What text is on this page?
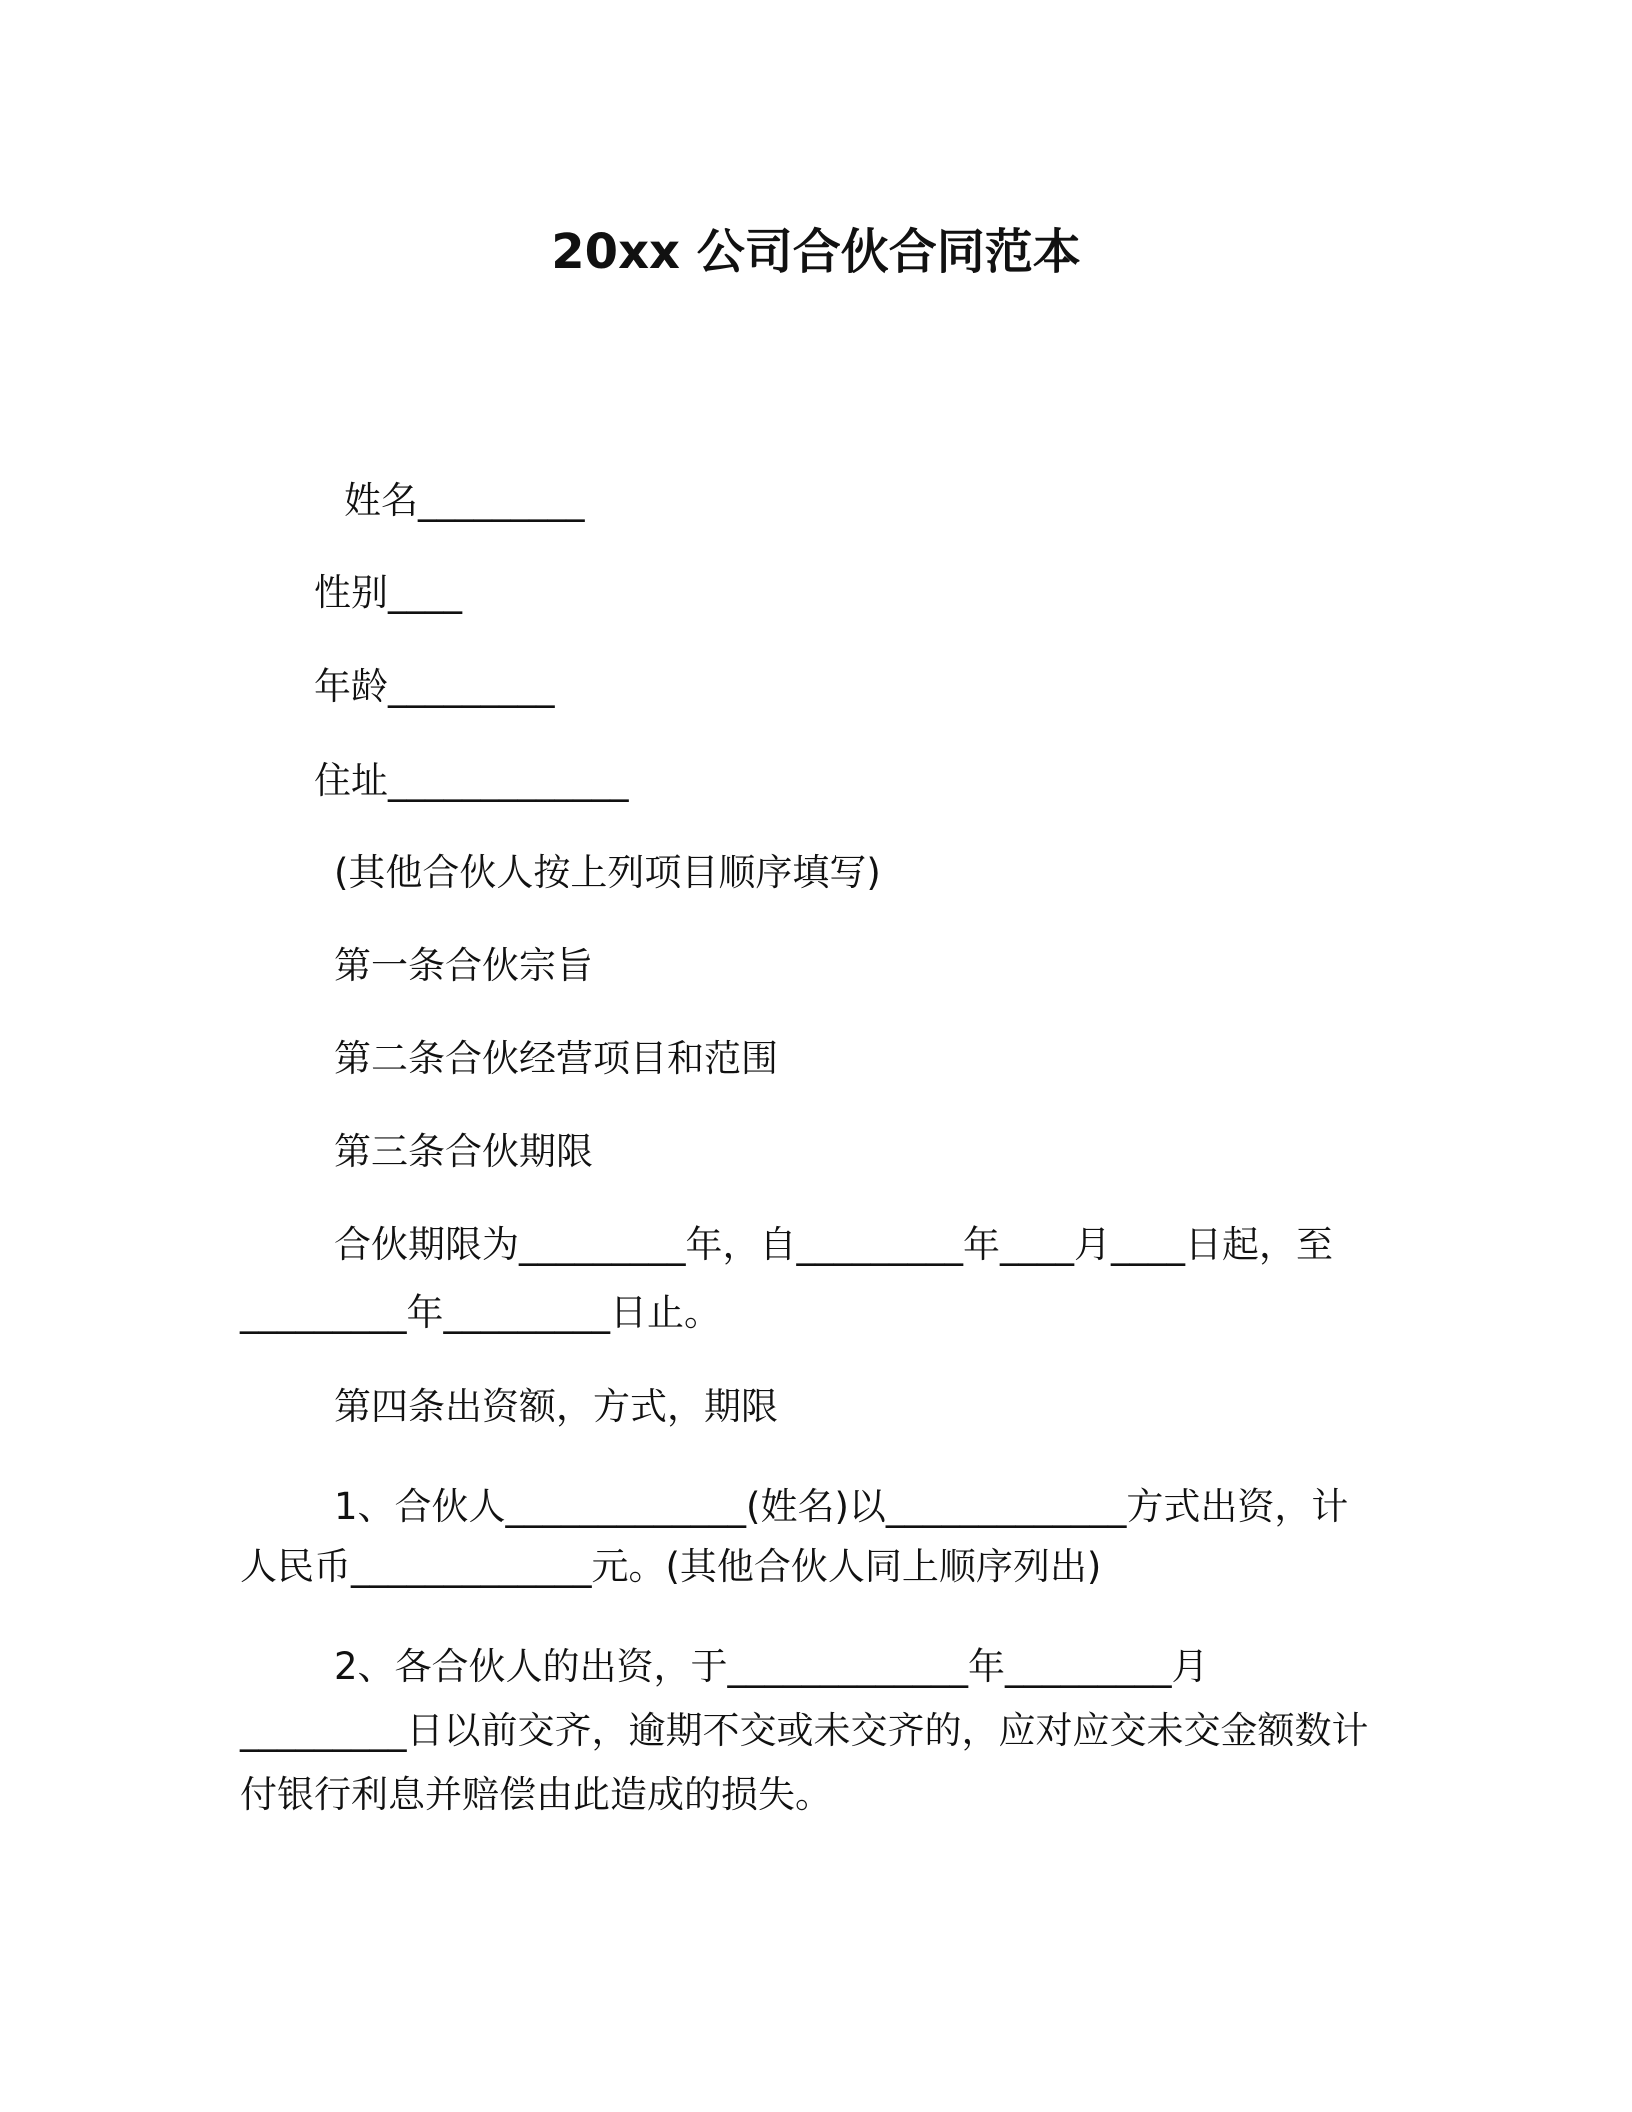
20xx 公司合伙合同范本
姓名_________
性别____
年龄_________
住址_____________
(其他合伙人按上列项目顺序填写)
第一条合伙宗旨
第二条合伙经营项目和范围
第三条合伙期限
合伙期限为_________年，自_________年____月____日起，至
_________年_________日止。
第四条出资额，方式，期限
1、合伙人_____________(姓名)以_____________方式出资，计
人民币_____________元。(其他合伙人同上顺序列出)
2、各合伙人的出资，于_____________年_________月
_________日以前交齐，逾期不交或未交齐的，应对应交未交金额数计
付银行利息并赔偿由此造成的损失。
